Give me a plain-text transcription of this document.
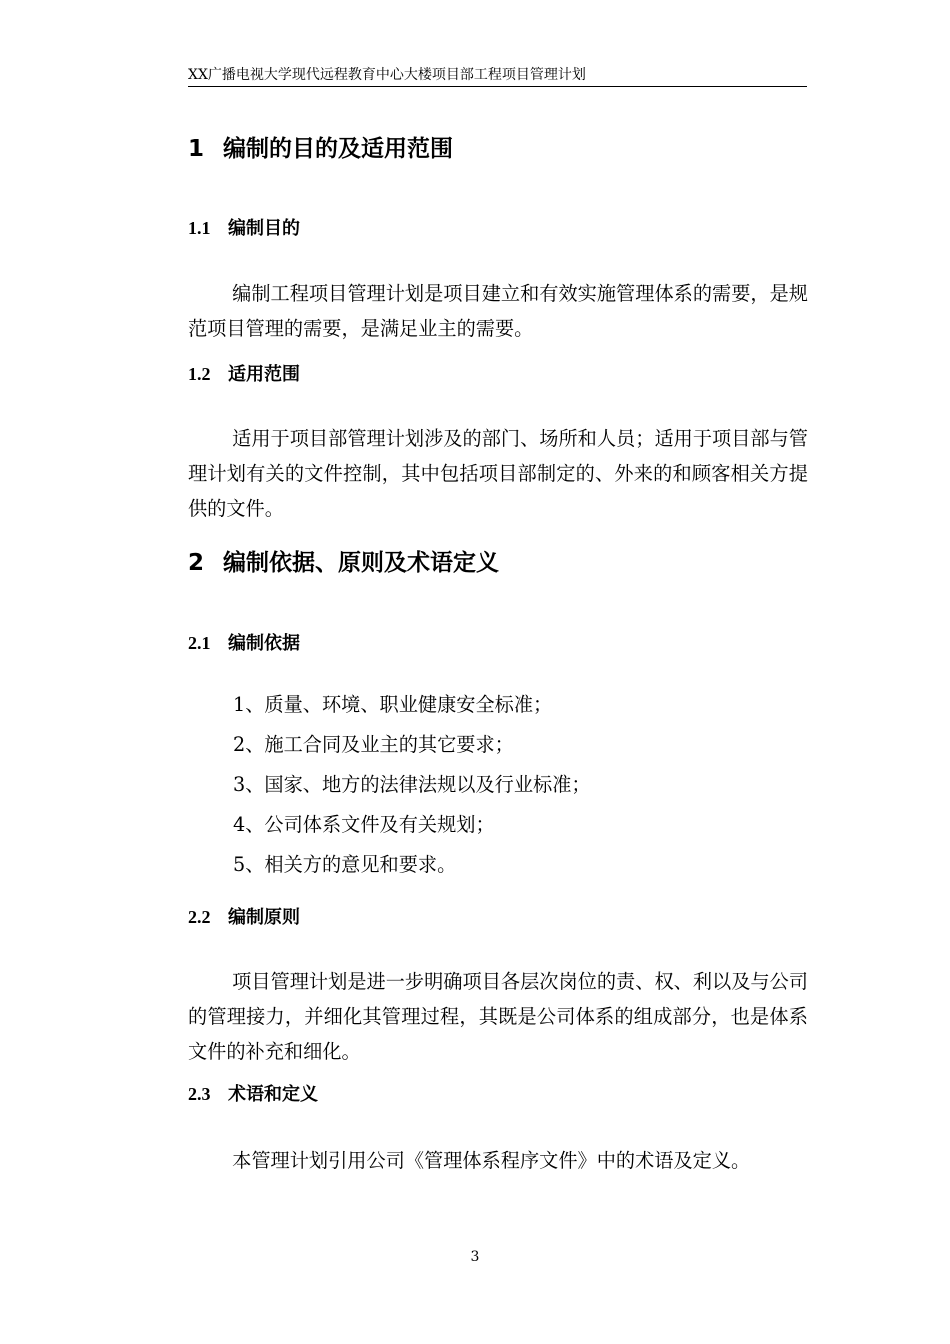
XX广播电视大学现代远程教育中心大楼项目部工程项目管理计划
1 编制的目的及适用范围
1.1 编制目的

编制工程项目管理计划是项目建立和有效实施管理体系的需要，是规范项目管理的需要，是满足业主的需要。

1.2 适用范围

适用于项目部管理计划涉及的部门、场所和人员；适用于项目部与管理计划有关的文件控制，其中包括项目部制定的、外来的和顾客相关方提供的文件。

2 编制依据、原则及术语定义
2.1 编制依据

1、质量、环境、职业健康安全标准；

2、施工合同及业主的其它要求；

3、国家、地方的法律法规以及行业标准；

4、公司体系文件及有关规划；

5、相关方的意见和要求。

2.2 编制原则

项目管理计划是进一步明确项目各层次岗位的责、权、利以及与公司的管理接力，并细化其管理过程，其既是公司体系的组成部分，也是体系文件的补充和细化。

2.3 术语和定义

本管理计划引用公司《管理体系程序文件》中的术语及定义。

3
